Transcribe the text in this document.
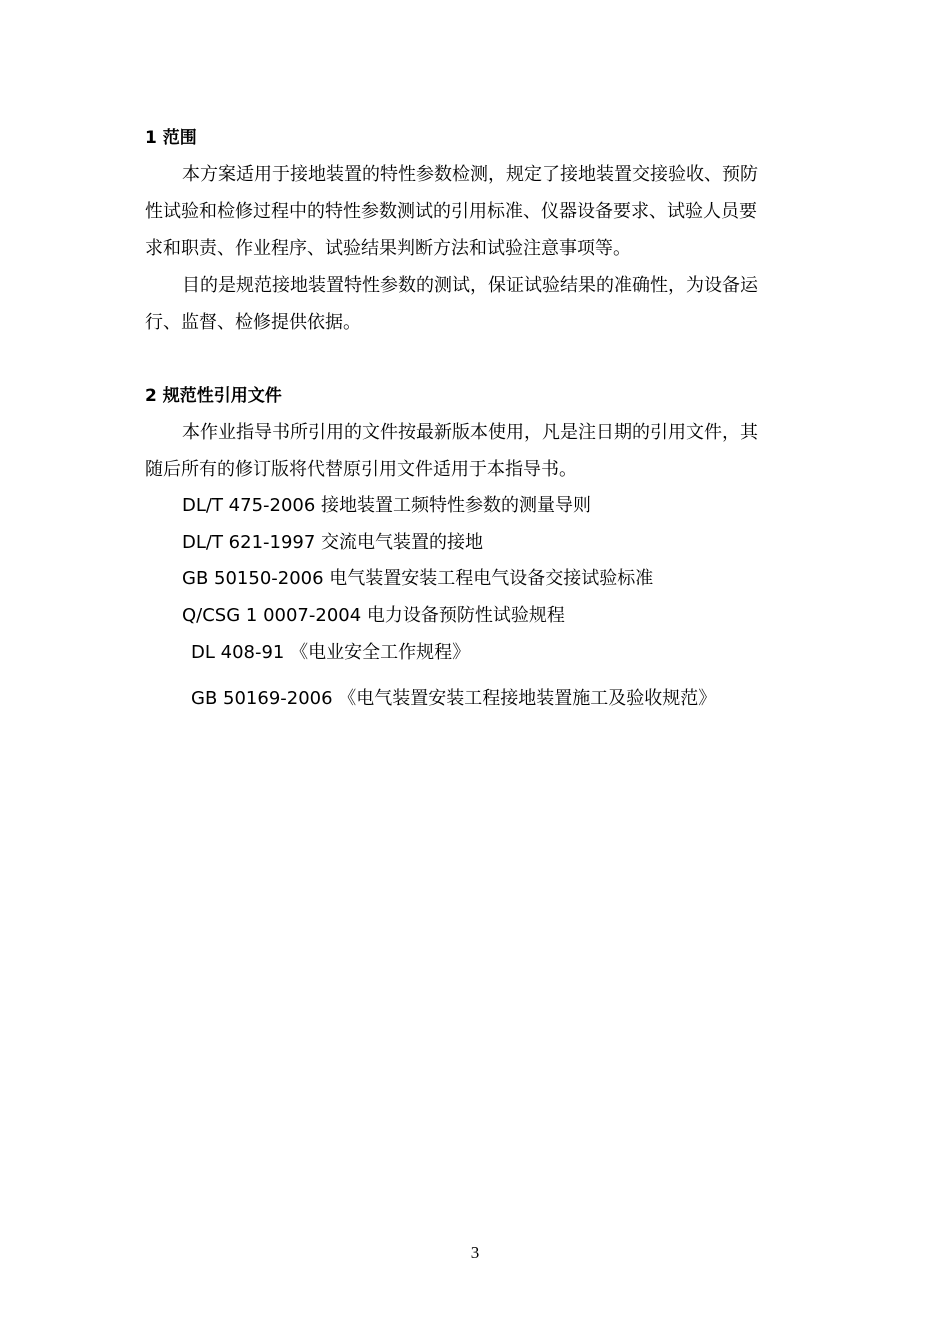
1 范围
本方案适用于接地装置的特性参数检测，规定了接地装置交接验收、预防
性试验和检修过程中的特性参数测试的引用标准、仪器设备要求、试验人员要
求和职责、作业程序、试验结果判断方法和试验注意事项等。
目的是规范接地装置特性参数的测试，保证试验结果的准确性，为设备运
行、监督、检修提供依据。
2 规范性引用文件
本作业指导书所引用的文件按最新版本使用，凡是注日期的引用文件，其
随后所有的修订版将代替原引用文件适用于本指导书。
DL/T 475-2006 接地装置工频特性参数的测量导则
DL/T 621-1997 交流电气装置的接地
GB 50150-2006 电气装置安装工程电气设备交接试验标准
Q/CSG 1 0007-2004 电力设备预防性试验规程
DL 408-91 《电业安全工作规程》
GB 50169-2006 《电气装置安装工程接地装置施工及验收规范》
3
